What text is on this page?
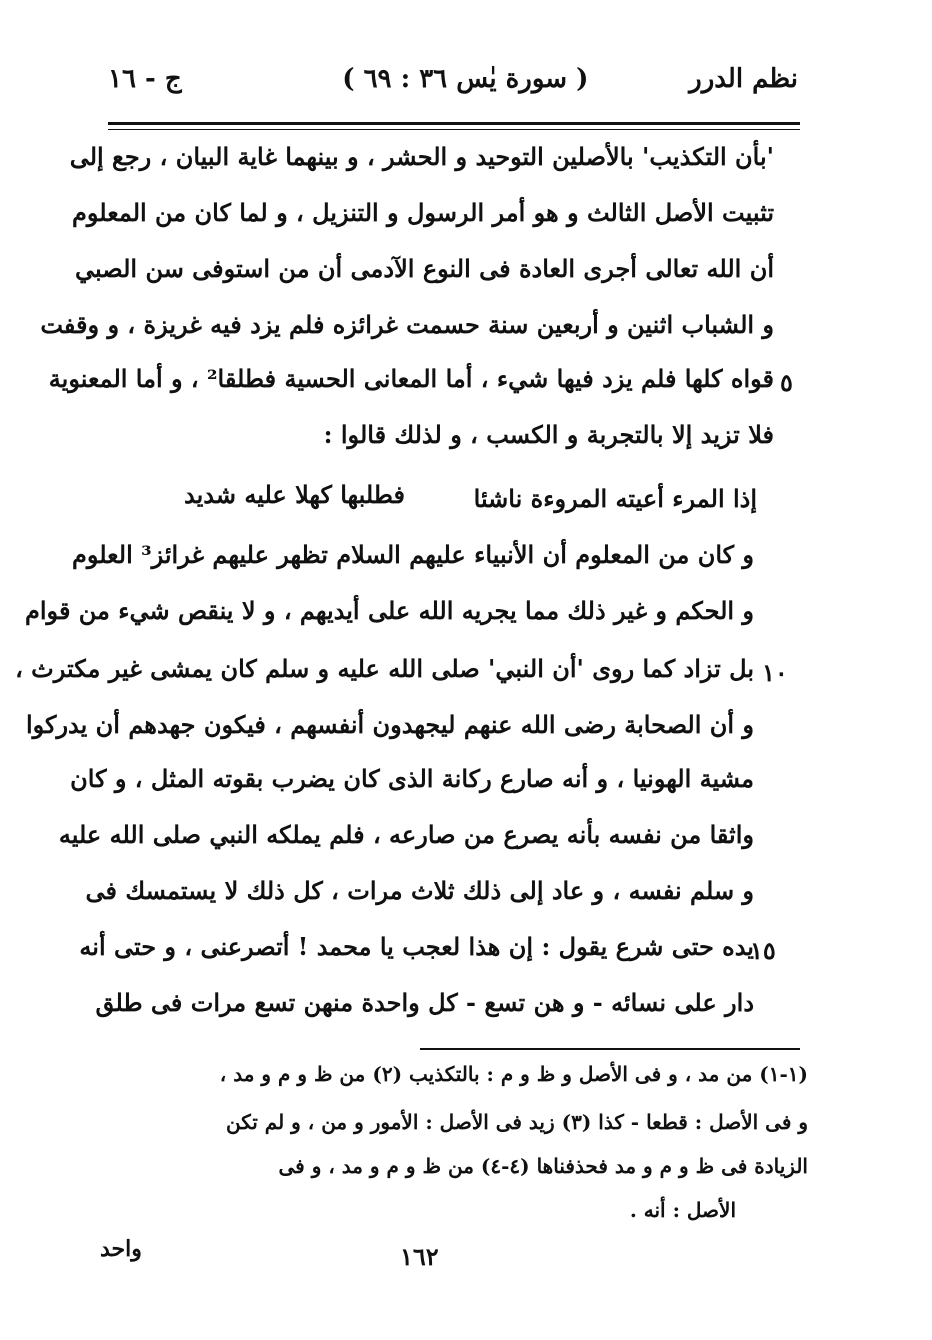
نظم الدرر
( سورة يٰس ٣٦ : ٦٩ )
ج - ١٦
'بأن التكذيب' بالأصلين التوحيد و الحشر ، و بينهما غاية البيان ، رجع إلى
تثبيت الأصل الثالث و هو أمر الرسول و التنزيل ، و لما كان من المعلوم
أن الله تعالى أجرى العادة فى النوع الآدمى أن من استوفى سن الصبي
و الشباب اثنين و أربعين سنة حسمت غرائزه فلم يزد فيه غريزة ، و وقفت
٥
قواه كلها فلم يزد فيها شيء ، أما المعانى الحسية فطلقا² ، و أما المعنوية
فلا تزيد إلا بالتجربة و الكسب ، و لذلك قالوا :
إذا المرء أعيته المروءة ناشئا
فطلبها كهلا عليه شديد
و كان من المعلوم أن الأنبياء عليهم السلام تظهر عليهم غرائز³ العلوم
و الحكم و غير ذلك مما يجريه الله على أيديهم ، و لا ينقص شيء من قوام
١٠
بل تزاد كما روى 'أن النبي' صلى الله عليه و سلم كان يمشى غير مكترث ،
و أن الصحابة رضى الله عنهم ليجهدون أنفسهم ، فيكون جهدهم أن يدركوا
مشية الهونيا ، و أنه صارع ركانة الذى كان يضرب بقوته المثل ، و كان
واثقا من نفسه بأنه يصرع من صارعه ، فلم يملكه النبي صلى الله عليه
و سلم نفسه ، و عاد إلى ذلك ثلاث مرات ، كل ذلك لا يستمسك فى
١٥
يده حتى شرع يقول : إن هذا لعجب يا محمد ! أتصرعنى ، و حتى أنه
دار على نسائه - و هن تسع - كل واحدة منهن تسع مرات فى طلق
(١-١) من مد ، و فى الأصل و ظ و م : بالتكذيب (٢) من ظ و م و مد ،
و فى الأصل : قطعا - كذا (٣) زيد فى الأصل : الأمور و من ، و لم تكن
الزيادة فى ظ و م و مد فحذفناها (٤-٤) من ظ و م و مد ، و فى
الأصل : أنه .
واحد	١٦٢
